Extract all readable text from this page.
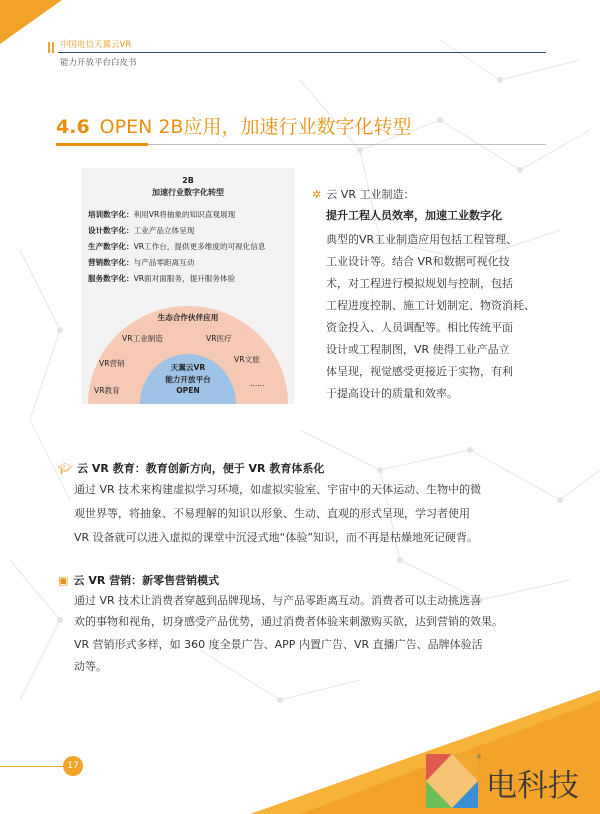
中国电信天翼云VR
能力开放平台白皮书
4.6 OPEN 2B应用，加速行业数字化转型
2B
加速行业数字化转型
培训数字化：利用VR将抽象的知识直观展现
设计数字化：工业产品立体呈现
生产数字化：VR工作台，提供更多维度的可视化信息
营销数字化：与产品零距离互动
服务数字化：VR面对面服务，提升服务体验
生态合作伙伴应用
VR工业制造	VR医疗
VR营销	VR文旅
VR教育
......
天翼云VR
能力开放平台
OPEN
✲ 云 VR 工业制造：
提升工程人员效率，加速工业数字化
典型的VR工业制造应用包括工程管理、
工业设计等。结合 VR和数据可视化技
术，对工程进行模拟规划与控制，包括
工程进度控制、施工计划制定、物资消耗、
资金投入、人员调配等。相比传统平面
设计或工程制图，VR 使得工业产品立
体呈现，视觉感受更接近于实物，有利
于提高设计的质量和效率。
🎓︎ 云 VR 教育：教育创新方向，便于 VR 教育体系化
通过 VR 技术来构建虚拟学习环境，如虚拟实验室、宇宙中的天体运动、生物中的微
观世界等，将抽象、不易理解的知识以形象、生动、直观的形式呈现，学习者使用
VR 设备就可以进入虚拟的课堂中沉浸式地“体验”知识，而不再是枯燥地死记硬背。
▣ 云 VR 营销：新零售营销模式
通过 VR 技术让消费者穿越到品牌现场、与产品零距离互动。消费者可以主动挑选喜
欢的事物和视角，切身感受产品优势，通过消费者体验来刺激购买欲，达到营销的效果。
VR 营销形式多样，如 360 度全景广告、APP 内置广告、VR 直播广告、品牌体验活
动等。
17
®
电科技
